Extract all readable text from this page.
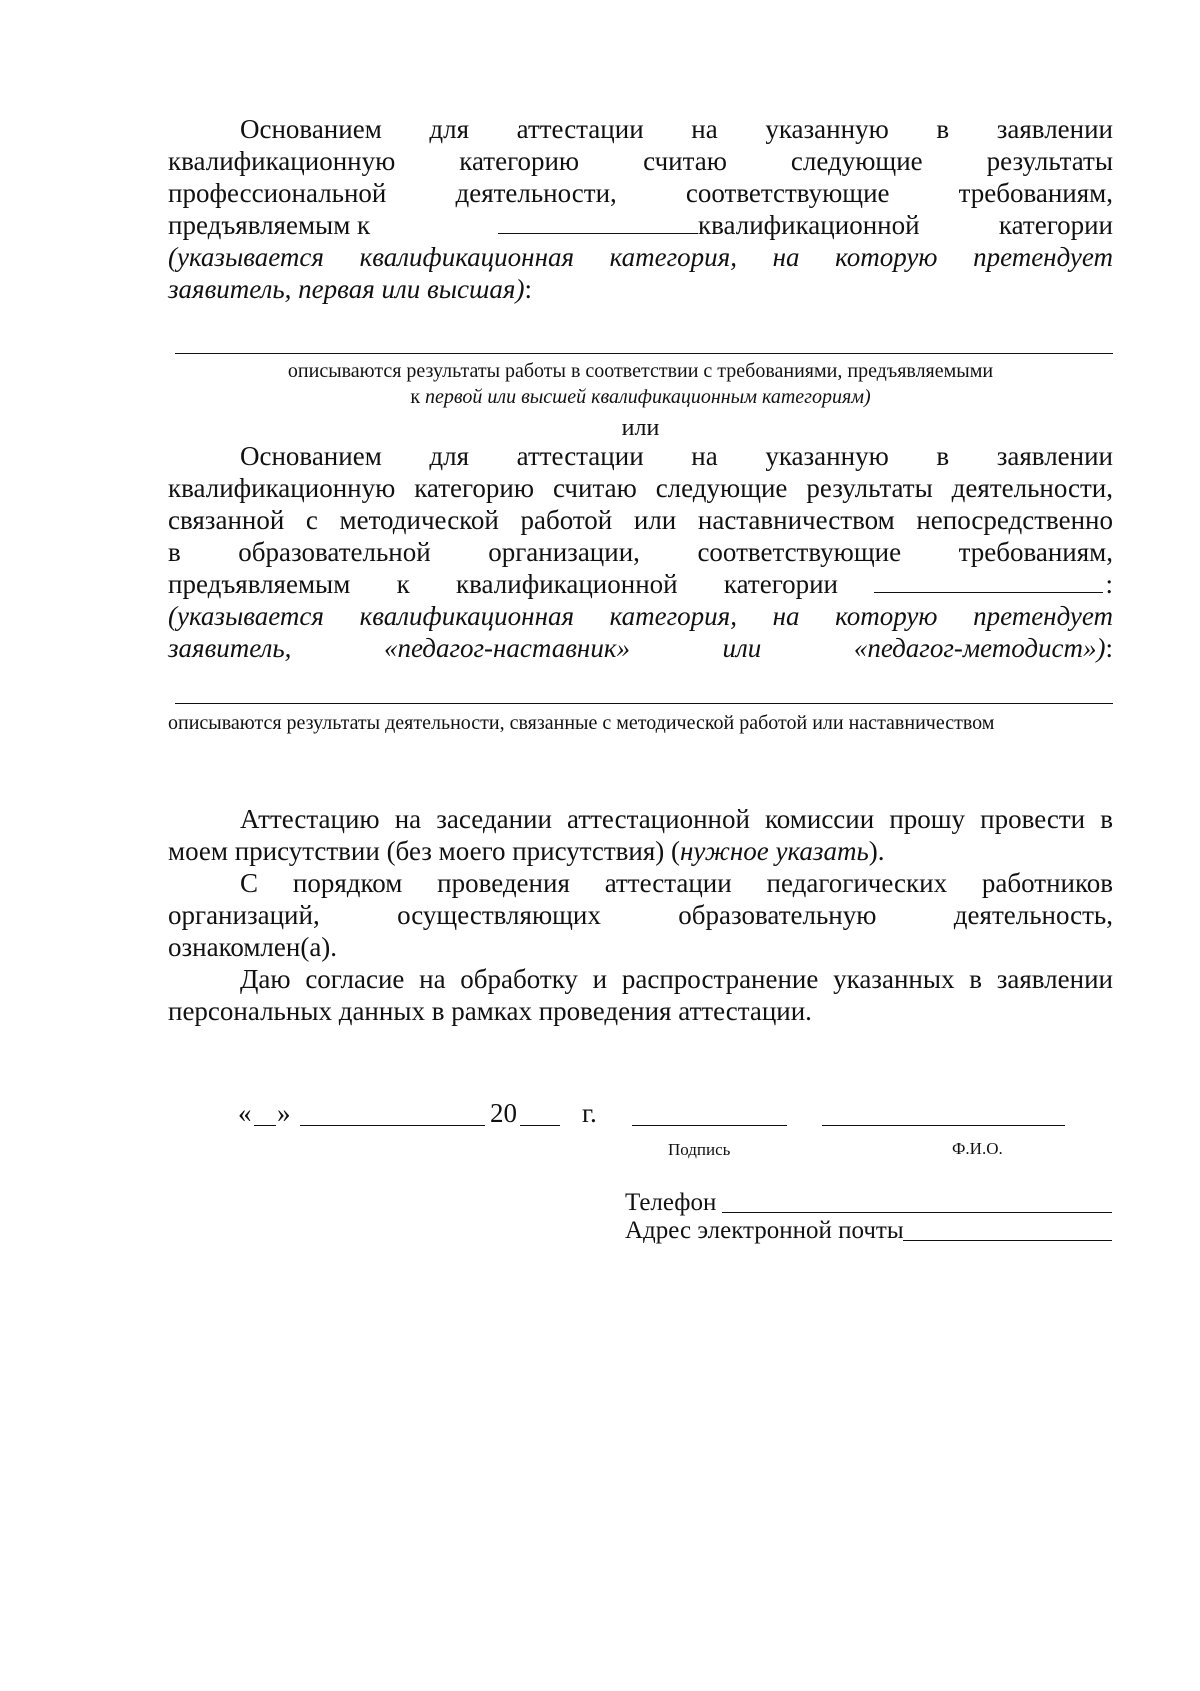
Основанием для аттестации на указанную в заявлении
квалификационную категорию считаю следующие результаты
профессиональной деятельности, соответствующие требованиям,
предъявляемым к	квалификационной категории
(указывается квалификационная категория, на которую претендует
заявитель, первая или высшая):
описываются результаты работы в соответствии с требованиями, предъявляемыми
к первой или высшей квалификационным категориям)
или
Основанием для аттестации на указанную в заявлении
квалификационную категорию считаю следующие результаты деятельности,
связанной с методической работой или наставничеством непосредственно
в образовательной организации, соответствующие требованиям,
предъявляемым к квалификационной категории	:
(указывается квалификационная категория, на которую претендует
заявитель, «педагог-наставник» или «педагог-методист») :
описываются результаты деятельности, связанные с методической работой или наставничеством
Аттестацию на заседании аттестационной комиссии прошу провести в
моем присутствии (без моего присутствия) (нужное указать).
С порядком проведения аттестации педагогических работников
организаций, осуществляющих образовательную деятельность,
ознакомлен(а).
Даю согласие на обработку и распространение указанных в заявлении
персональных данных в рамках проведения аттестации.
« »	20 г.
Подпись	Ф.И.О.
Телефон
Адрес электронной почты
